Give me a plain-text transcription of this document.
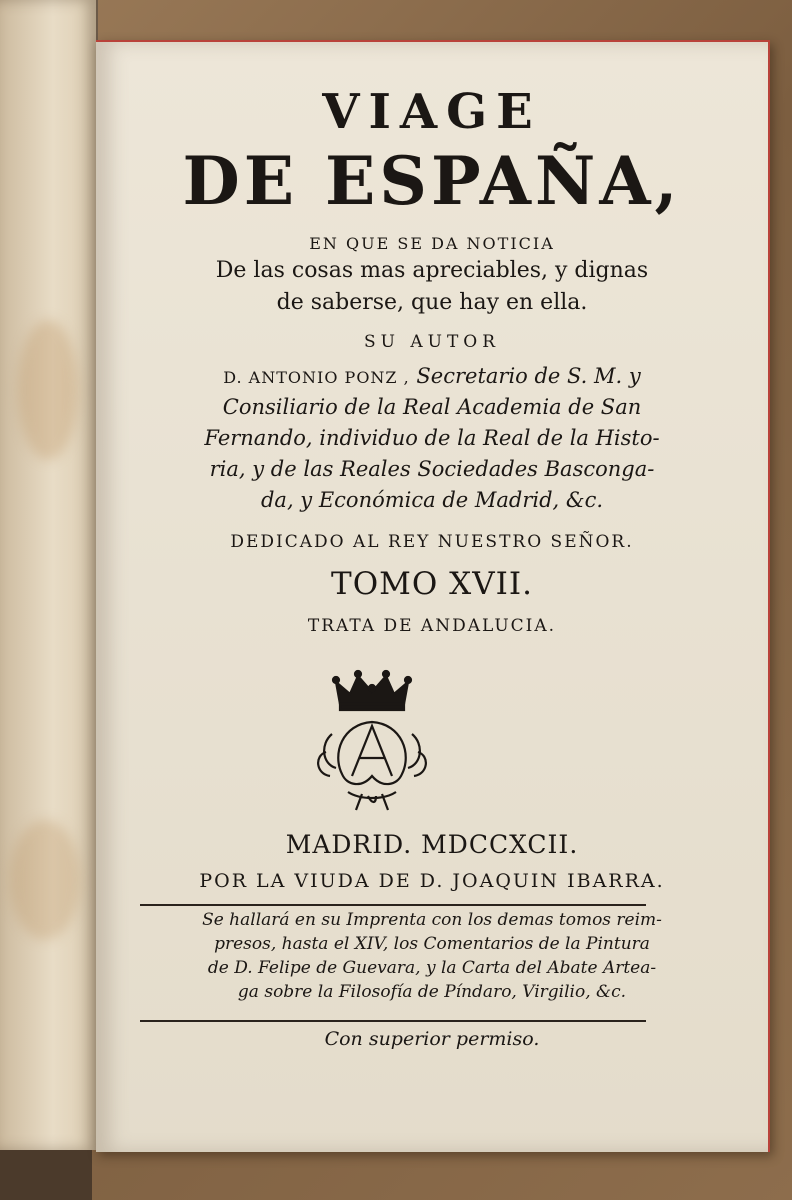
VIAGE
DE ESPAÑA,
EN QUE SE DA NOTICIA
De las cosas mas apreciables, y dignas
de saberse, que hay en ella.
SU AUTOR
D. ANTONIO PONZ , Secretario de S. M. y
Consiliario de la Real Academia de San
Fernando, individuo de la Real de la Histo-
ria, y de las Reales Sociedades Basconga-
da, y Económica de Madrid, &c.
DEDICADO AL REY NUESTRO SEÑOR.
TOMO XVII.
TRATA DE ANDALUCIA.
MADRID. MDCCXCII.
POR LA VIUDA DE D. JOAQUIN IBARRA.
Se hallará en su Imprenta con los demas tomos reim-
presos, hasta el XIV, los Comentarios de la Pintura
de D. Felipe de Guevara, y la Carta del Abate Artea-
ga sobre la Filosofía de Píndaro, Virgilio, &c.
Con superior permiso.
